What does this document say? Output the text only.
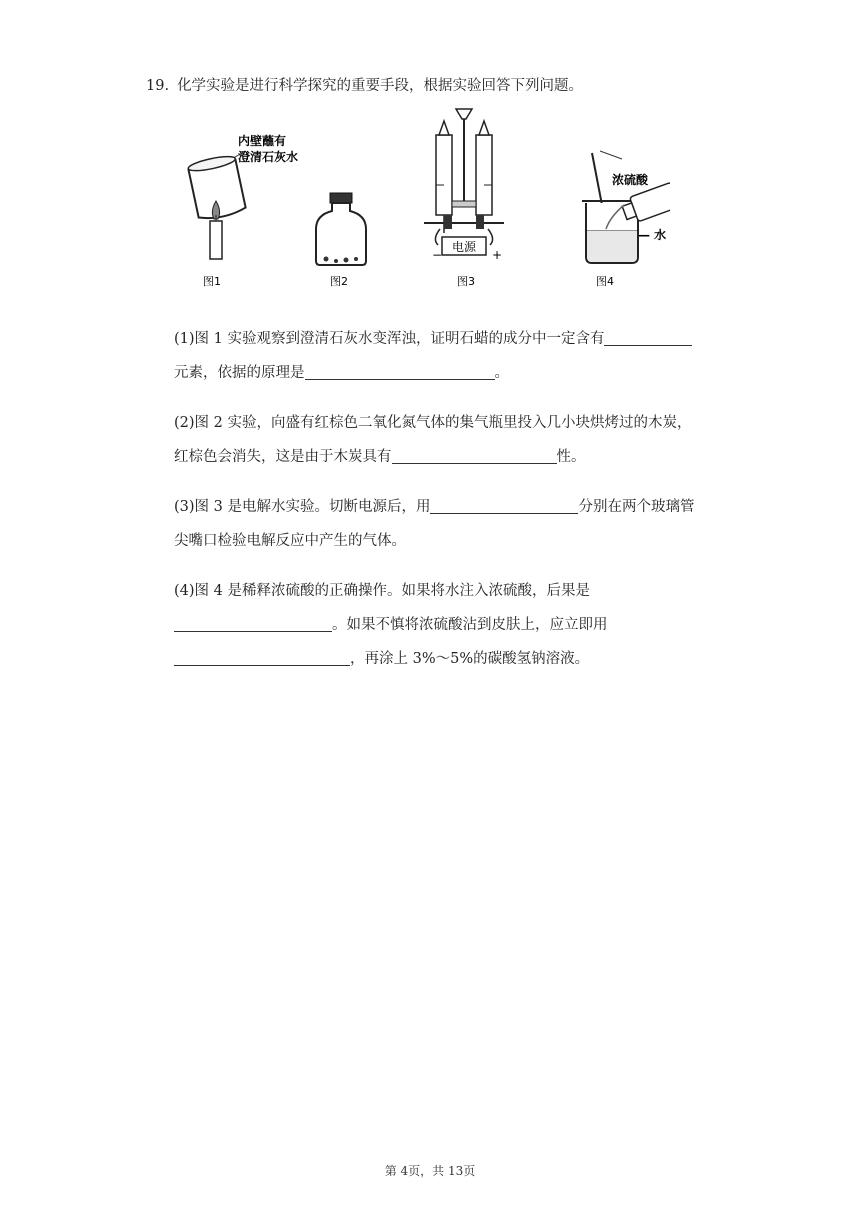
19. 化学实验是进行科学探究的重要手段，根据实验回答下列问题。
内壁蘸有
澄清石灰水
图1	图2
电源
−	+
图3
浓硫酸
— 水
图4
(1)图 1 实验观察到澄清石灰水变浑浊，证明石蜡的成分中一定含有
元素，依据的原理是	。
(2)图 2 实验，向盛有红棕色二氧化氮气体的集气瓶里投入几小块烘烤过的木炭，
红棕色会消失，这是由于木炭具有	性。
(3)图 3 是电解水实验。切断电源后，用	分别在两个玻璃管
尖嘴口检验电解反应中产生的气体。
(4)图 4 是稀释浓硫酸的正确操作。如果将水注入浓硫酸，后果是
。如果不慎将浓硫酸沾到皮肤上，应立即用
，再涂上 3%～5%的碳酸氢钠溶液。
第 4页，共 13页
